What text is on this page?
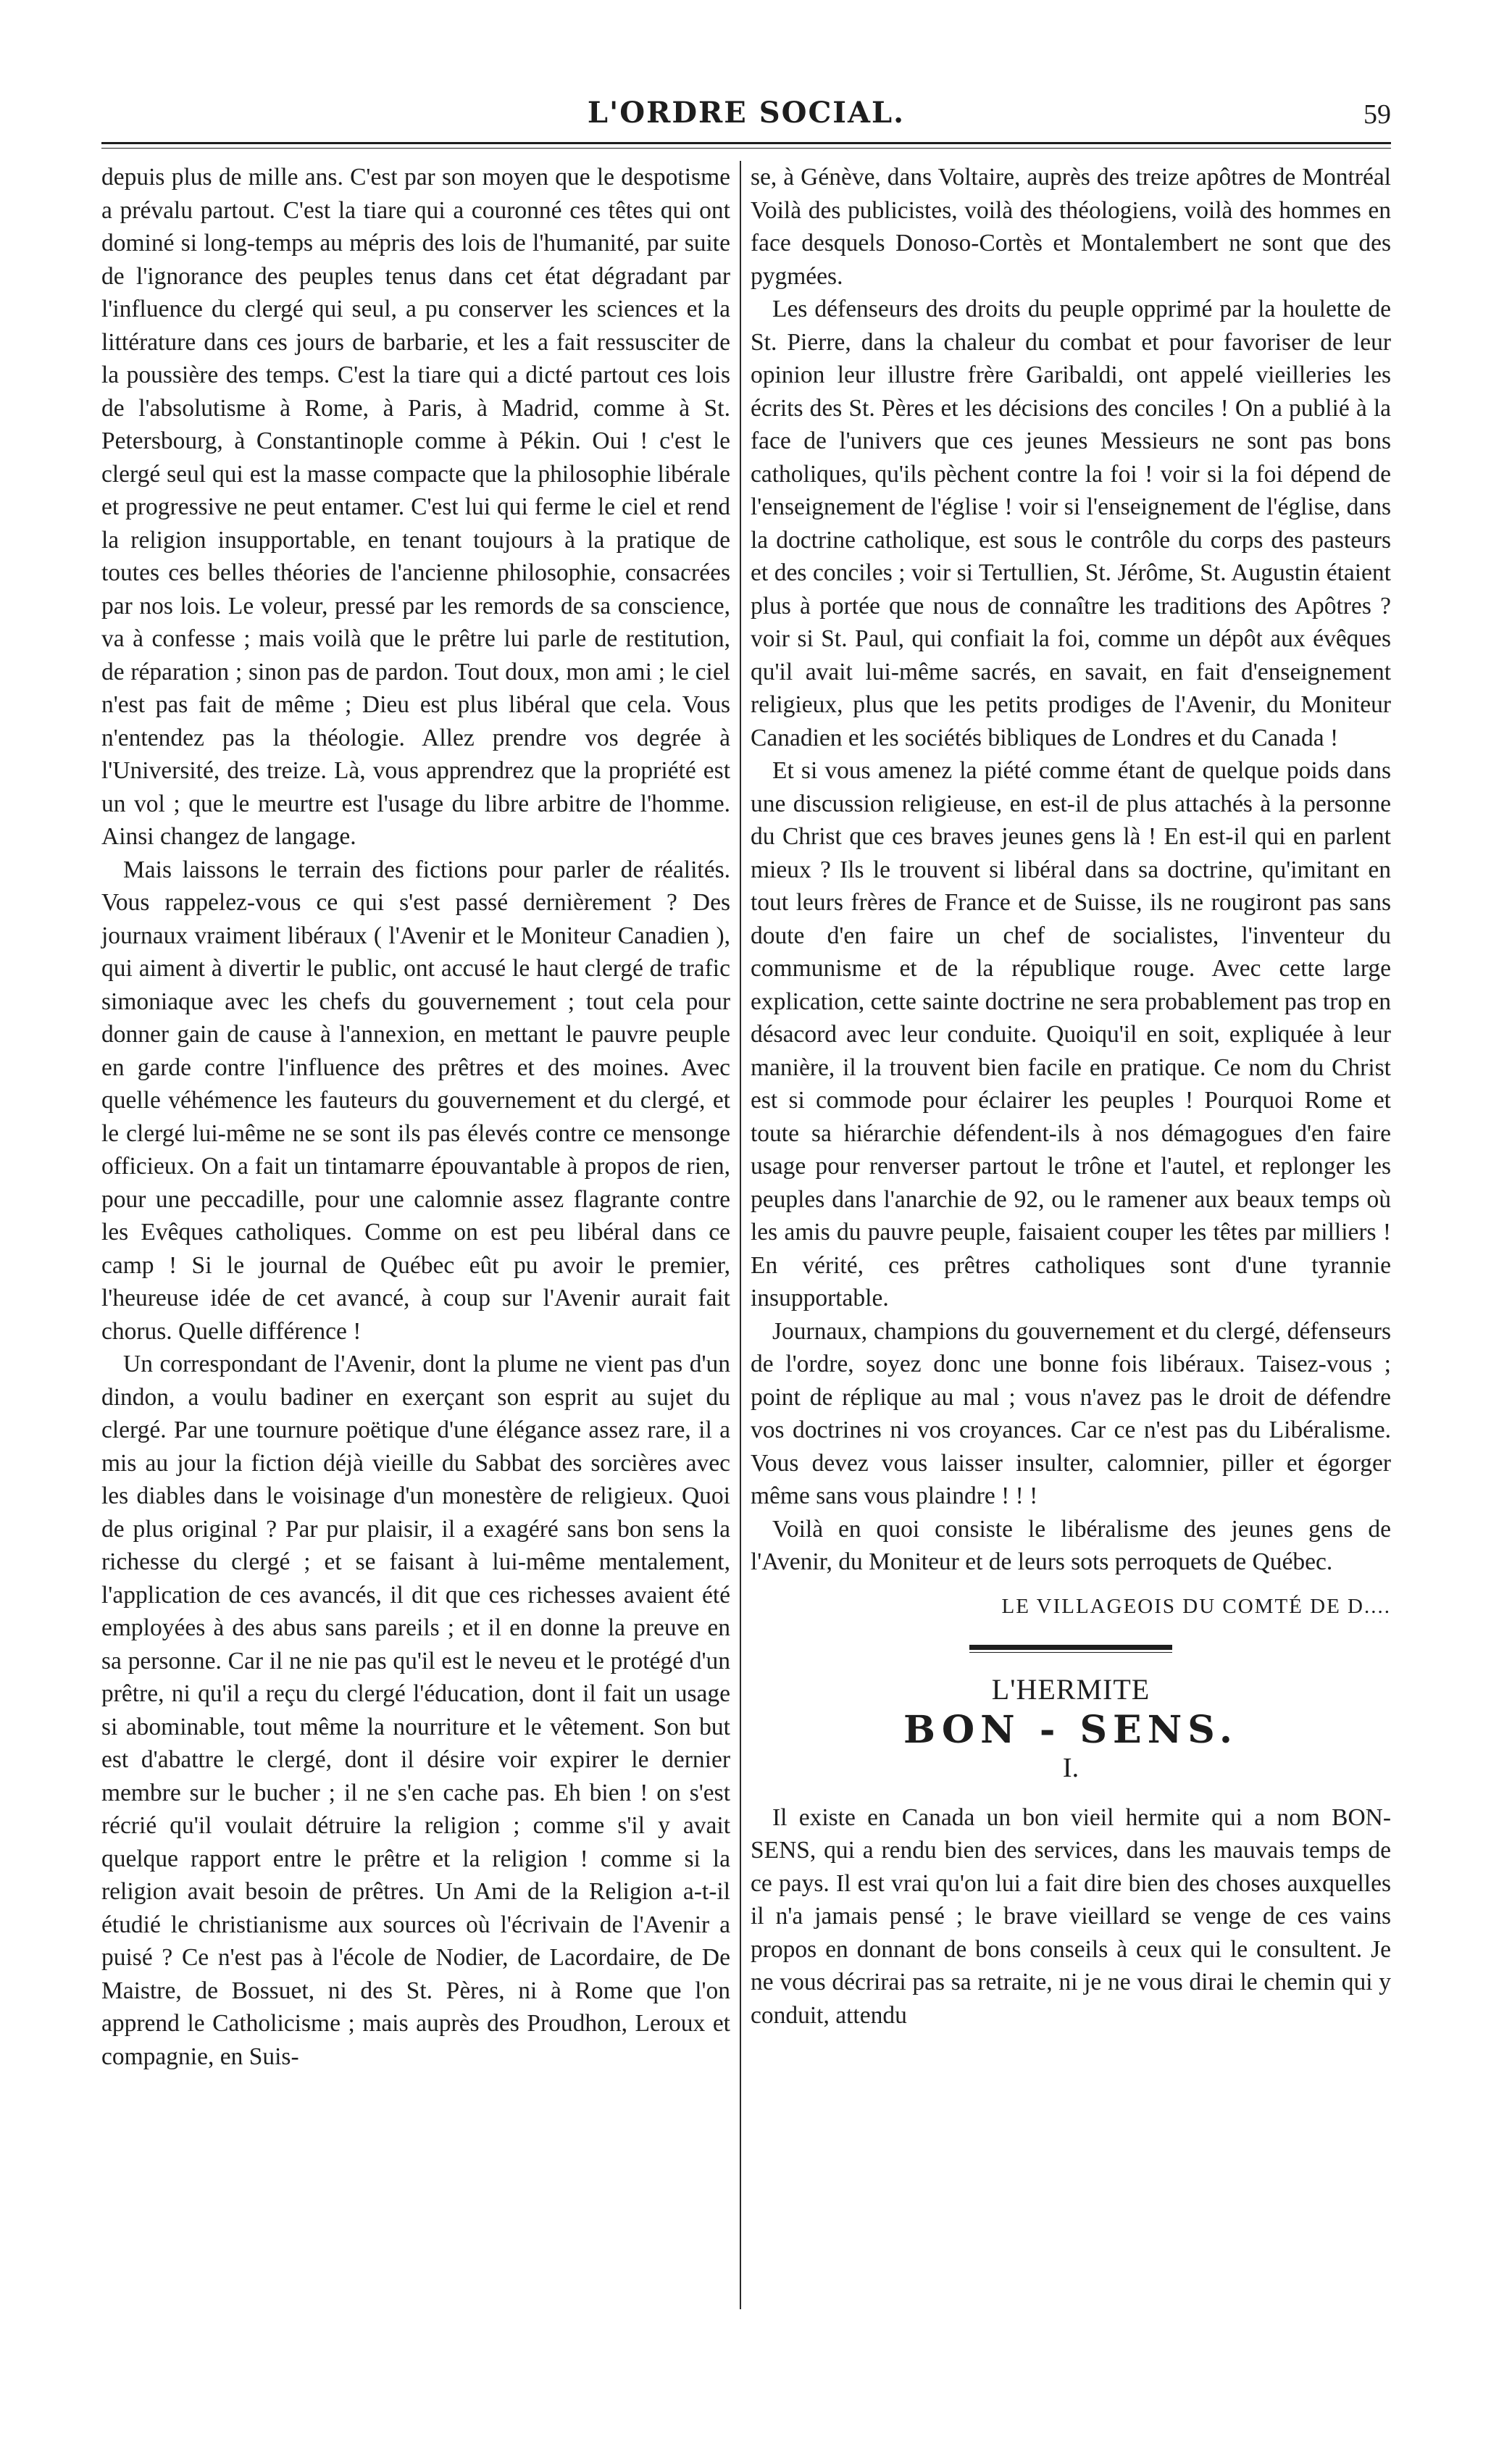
L'ORDRE SOCIAL.	59

depuis plus de mille ans. C'est par son moyen que le despotisme a prévalu partout. C'est la tiare qui a couronné ces têtes qui ont dominé si long-temps au mépris des lois de l'humanité, par suite de l'ignorance des peuples tenus dans cet état dégradant par l'influence du clergé qui seul, a pu conserver les sciences et la littérature dans ces jours de barbarie, et les a fait ressusciter de la poussière des temps. C'est la tiare qui a dicté partout ces lois de l'absolutisme à Rome, à Paris, à Madrid, comme à St. Petersbourg, à Constantinople comme à Pékin. Oui ! c'est le clergé seul qui est la masse compacte que la philosophie libérale et progressive ne peut entamer. C'est lui qui ferme le ciel et rend la religion insupportable, en tenant toujours à la pratique de toutes ces belles théories de l'ancienne philosophie, consacrées par nos lois. Le voleur, pressé par les remords de sa conscience, va à confesse ; mais voilà que le prêtre lui parle de restitution, de réparation ; sinon pas de pardon. Tout doux, mon ami ; le ciel n'est pas fait de même ; Dieu est plus libéral que cela. Vous n'entendez pas la théologie. Allez prendre vos degrée à l'Université, des treize. Là, vous apprendrez que la propriété est un vol ; que le meurtre est l'usage du libre arbitre de l'homme. Ainsi changez de langage.

Mais laissons le terrain des fictions pour parler de réalités. Vous rappelez-vous ce qui s'est passé dernièrement ? Des journaux vraiment libéraux ( l'Avenir et le Moniteur Canadien ), qui aiment à divertir le public, ont accusé le haut clergé de trafic simoniaque avec les chefs du gouvernement ; tout cela pour donner gain de cause à l'annexion, en mettant le pauvre peuple en garde contre l'influence des prêtres et des moines. Avec quelle véhémence les fauteurs du gouvernement et du clergé, et le clergé lui-même ne se sont ils pas élevés contre ce mensonge officieux. On a fait un tintamarre épouvantable à propos de rien, pour une peccadille, pour une calomnie assez flagrante contre les Evêques catholiques. Comme on est peu libéral dans ce camp ! Si le journal de Québec eût pu avoir le premier, l'heureuse idée de cet avancé, à coup sur l'Avenir aurait fait chorus. Quelle différence !

Un correspondant de l'Avenir, dont la plume ne vient pas d'un dindon, a voulu badiner en exerçant son esprit au sujet du clergé. Par une tournure poëtique d'une élégance assez rare, il a mis au jour la fiction déjà vieille du Sabbat des sorcières avec les diables dans le voisinage d'un monestère de religieux. Quoi de plus original ? Par pur plaisir, il a exagéré sans bon sens la richesse du clergé ; et se faisant à lui-même mentalement, l'application de ces avancés, il dit que ces richesses avaient été employées à des abus sans pareils ; et il en donne la preuve en sa personne. Car il ne nie pas qu'il est le neveu et le protégé d'un prêtre, ni qu'il a reçu du clergé l'éducation, dont il fait un usage si abominable, tout même la nourriture et le vêtement. Son but est d'abattre le clergé, dont il désire voir expirer le dernier membre sur le bucher ; il ne s'en cache pas. Eh bien ! on s'est récrié qu'il voulait détruire la religion ; comme s'il y avait quelque rapport entre le prêtre et la religion ! comme si la religion avait besoin de prêtres. Un Ami de la Religion a-t-il étudié le christianisme aux sources où l'écrivain de l'Avenir a puisé ? Ce n'est pas à l'école de Nodier, de Lacordaire, de De Maistre, de Bossuet, ni des St. Pères, ni à Rome que l'on apprend le Catholicisme ; mais auprès des Proudhon, Leroux et compagnie, en Suis-

se, à Génève, dans Voltaire, auprès des treize apôtres de Montréal Voilà des publicistes, voilà des théologiens, voilà des hommes en face desquels Donoso-Cortès et Montalembert ne sont que des pygmées.

Les défenseurs des droits du peuple opprimé par la houlette de St. Pierre, dans la chaleur du combat et pour favoriser de leur opinion leur illustre frère Garibaldi, ont appelé vieilleries les écrits des St. Pères et les décisions des conciles ! On a publié à la face de l'univers que ces jeunes Messieurs ne sont pas bons catholiques, qu'ils pèchent contre la foi ! voir si la foi dépend de l'enseignement de l'église ! voir si l'enseignement de l'église, dans la doctrine catholique, est sous le contrôle du corps des pasteurs et des conciles ; voir si Tertullien, St. Jérôme, St. Augustin étaient plus à portée que nous de connaître les traditions des Apôtres ? voir si St. Paul, qui confiait la foi, comme un dépôt aux évêques qu'il avait lui-même sacrés, en savait, en fait d'enseignement religieux, plus que les petits prodiges de l'Avenir, du Moniteur Canadien et les sociétés bibliques de Londres et du Canada !

Et si vous amenez la piété comme étant de quelque poids dans une discussion religieuse, en est-il de plus attachés à la personne du Christ que ces braves jeunes gens là ! En est-il qui en parlent mieux ? Ils le trouvent si libéral dans sa doctrine, qu'imitant en tout leurs frères de France et de Suisse, ils ne rougiront pas sans doute d'en faire un chef de socialistes, l'inventeur du communisme et de la république rouge. Avec cette large explication, cette sainte doctrine ne sera probablement pas trop en désacord avec leur conduite. Quoiqu'il en soit, expliquée à leur manière, il la trouvent bien facile en pratique. Ce nom du Christ est si commode pour éclairer les peuples ! Pourquoi Rome et toute sa hiérarchie défendent-ils à nos démagogues d'en faire usage pour renverser partout le trône et l'autel, et replonger les peuples dans l'anarchie de 92, ou le ramener aux beaux temps où les amis du pauvre peuple, faisaient couper les têtes par milliers ! En vérité, ces prêtres catholiques sont d'une tyrannie insupportable.

Journaux, champions du gouvernement et du clergé, défenseurs de l'ordre, soyez donc une bonne fois libéraux. Taisez-vous ; point de réplique au mal ; vous n'avez pas le droit de défendre vos doctrines ni vos croyances. Car ce n'est pas du Libéralisme. Vous devez vous laisser insulter, calomnier, piller et égorger même sans vous plaindre ! ! !

Voilà en quoi consiste le libéralisme des jeunes gens de l'Avenir, du Moniteur et de leurs sots perroquets de Québec.

LE VILLAGEOIS DU COMTÉ DE D....
L'HERMITE
BON - SENS.
I.

Il existe en Canada un bon vieil hermite qui a nom BON-SENS, qui a rendu bien des services, dans les mauvais temps de ce pays. Il est vrai qu'on lui a fait dire bien des choses auxquelles il n'a jamais pensé ; le brave vieillard se venge de ces vains propos en donnant de bons conseils à ceux qui le consultent. Je ne vous décrirai pas sa retraite, ni je ne vous dirai le chemin qui y conduit, attendu
